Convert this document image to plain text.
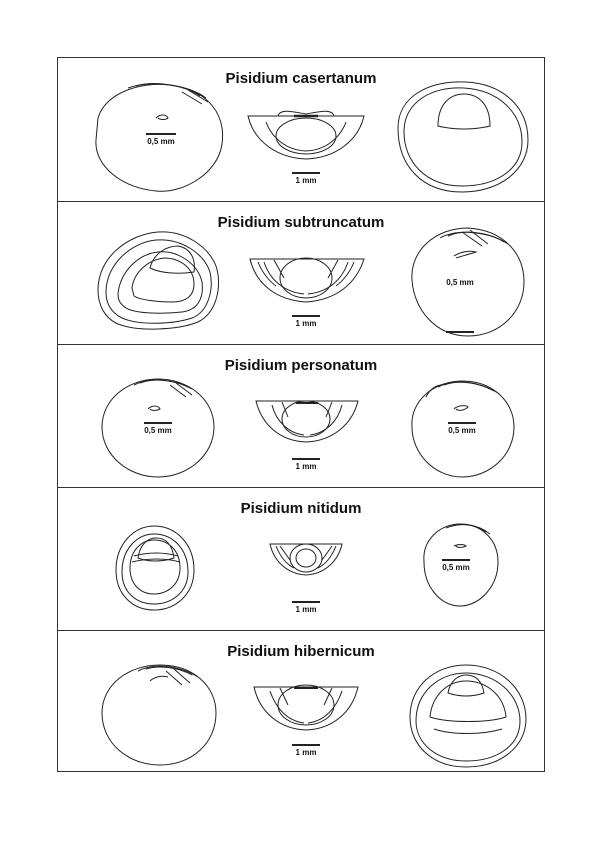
Pisidium casertanum
0,5 mm
1 mm
Pisidium subtruncatum
1 mm
0,5 mm
Pisidium personatum
0,5 mm
1 mm
0,5 mm
Pisidium nitidum
1 mm
0,5 mm
Pisidium hibernicum
1 mm
